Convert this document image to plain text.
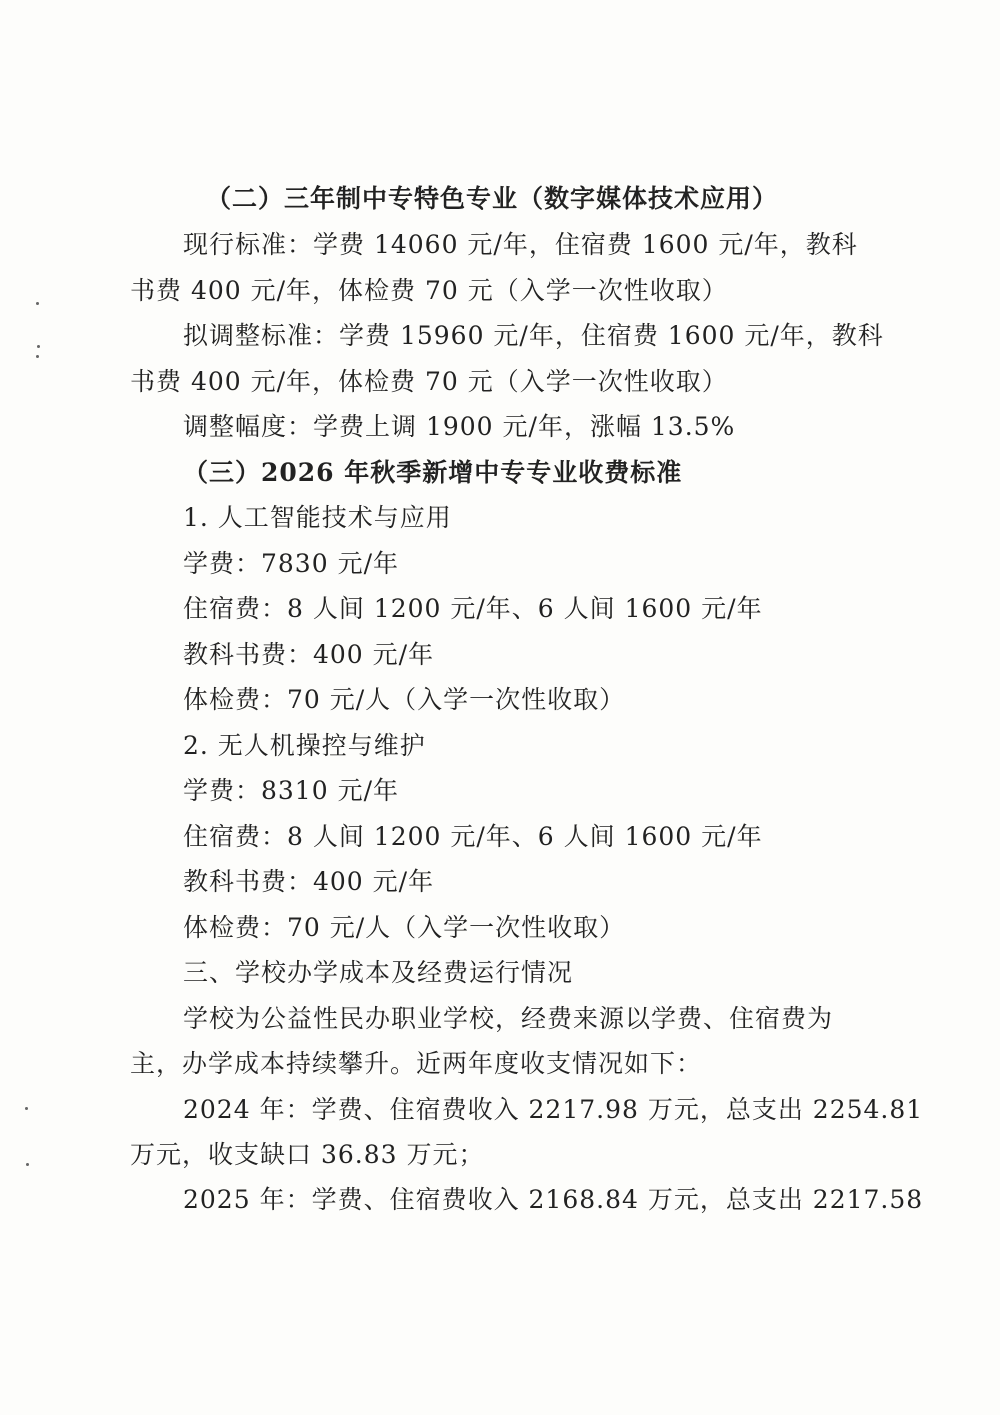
（二）三年制中专特色专业（数字媒体技术应用）
现行标准：学费 14060 元/年，住宿费 1600 元/年，教科
书费 400 元/年，体检费 70 元（入学一次性收取）
拟调整标准：学费 15960 元/年，住宿费 1600 元/年，教科
书费 400 元/年，体检费 70 元（入学一次性收取）
调整幅度：学费上调 1900 元/年，涨幅 13.5%
（三）2026 年秋季新增中专专业收费标准
1. 人工智能技术与应用
学费：7830 元/年
住宿费：8 人间 1200 元/年、6 人间 1600 元/年
教科书费：400 元/年
体检费：70 元/人（入学一次性收取）
2. 无人机操控与维护
学费：8310 元/年
住宿费：8 人间 1200 元/年、6 人间 1600 元/年
教科书费：400 元/年
体检费：70 元/人（入学一次性收取）
三、学校办学成本及经费运行情况
学校为公益性民办职业学校，经费来源以学费、住宿费为
主，办学成本持续攀升。近两年度收支情况如下：
2024 年：学费、住宿费收入 2217.98 万元，总支出 2254.81
万元，收支缺口 36.83 万元；
2025 年：学费、住宿费收入 2168.84 万元，总支出 2217.58
